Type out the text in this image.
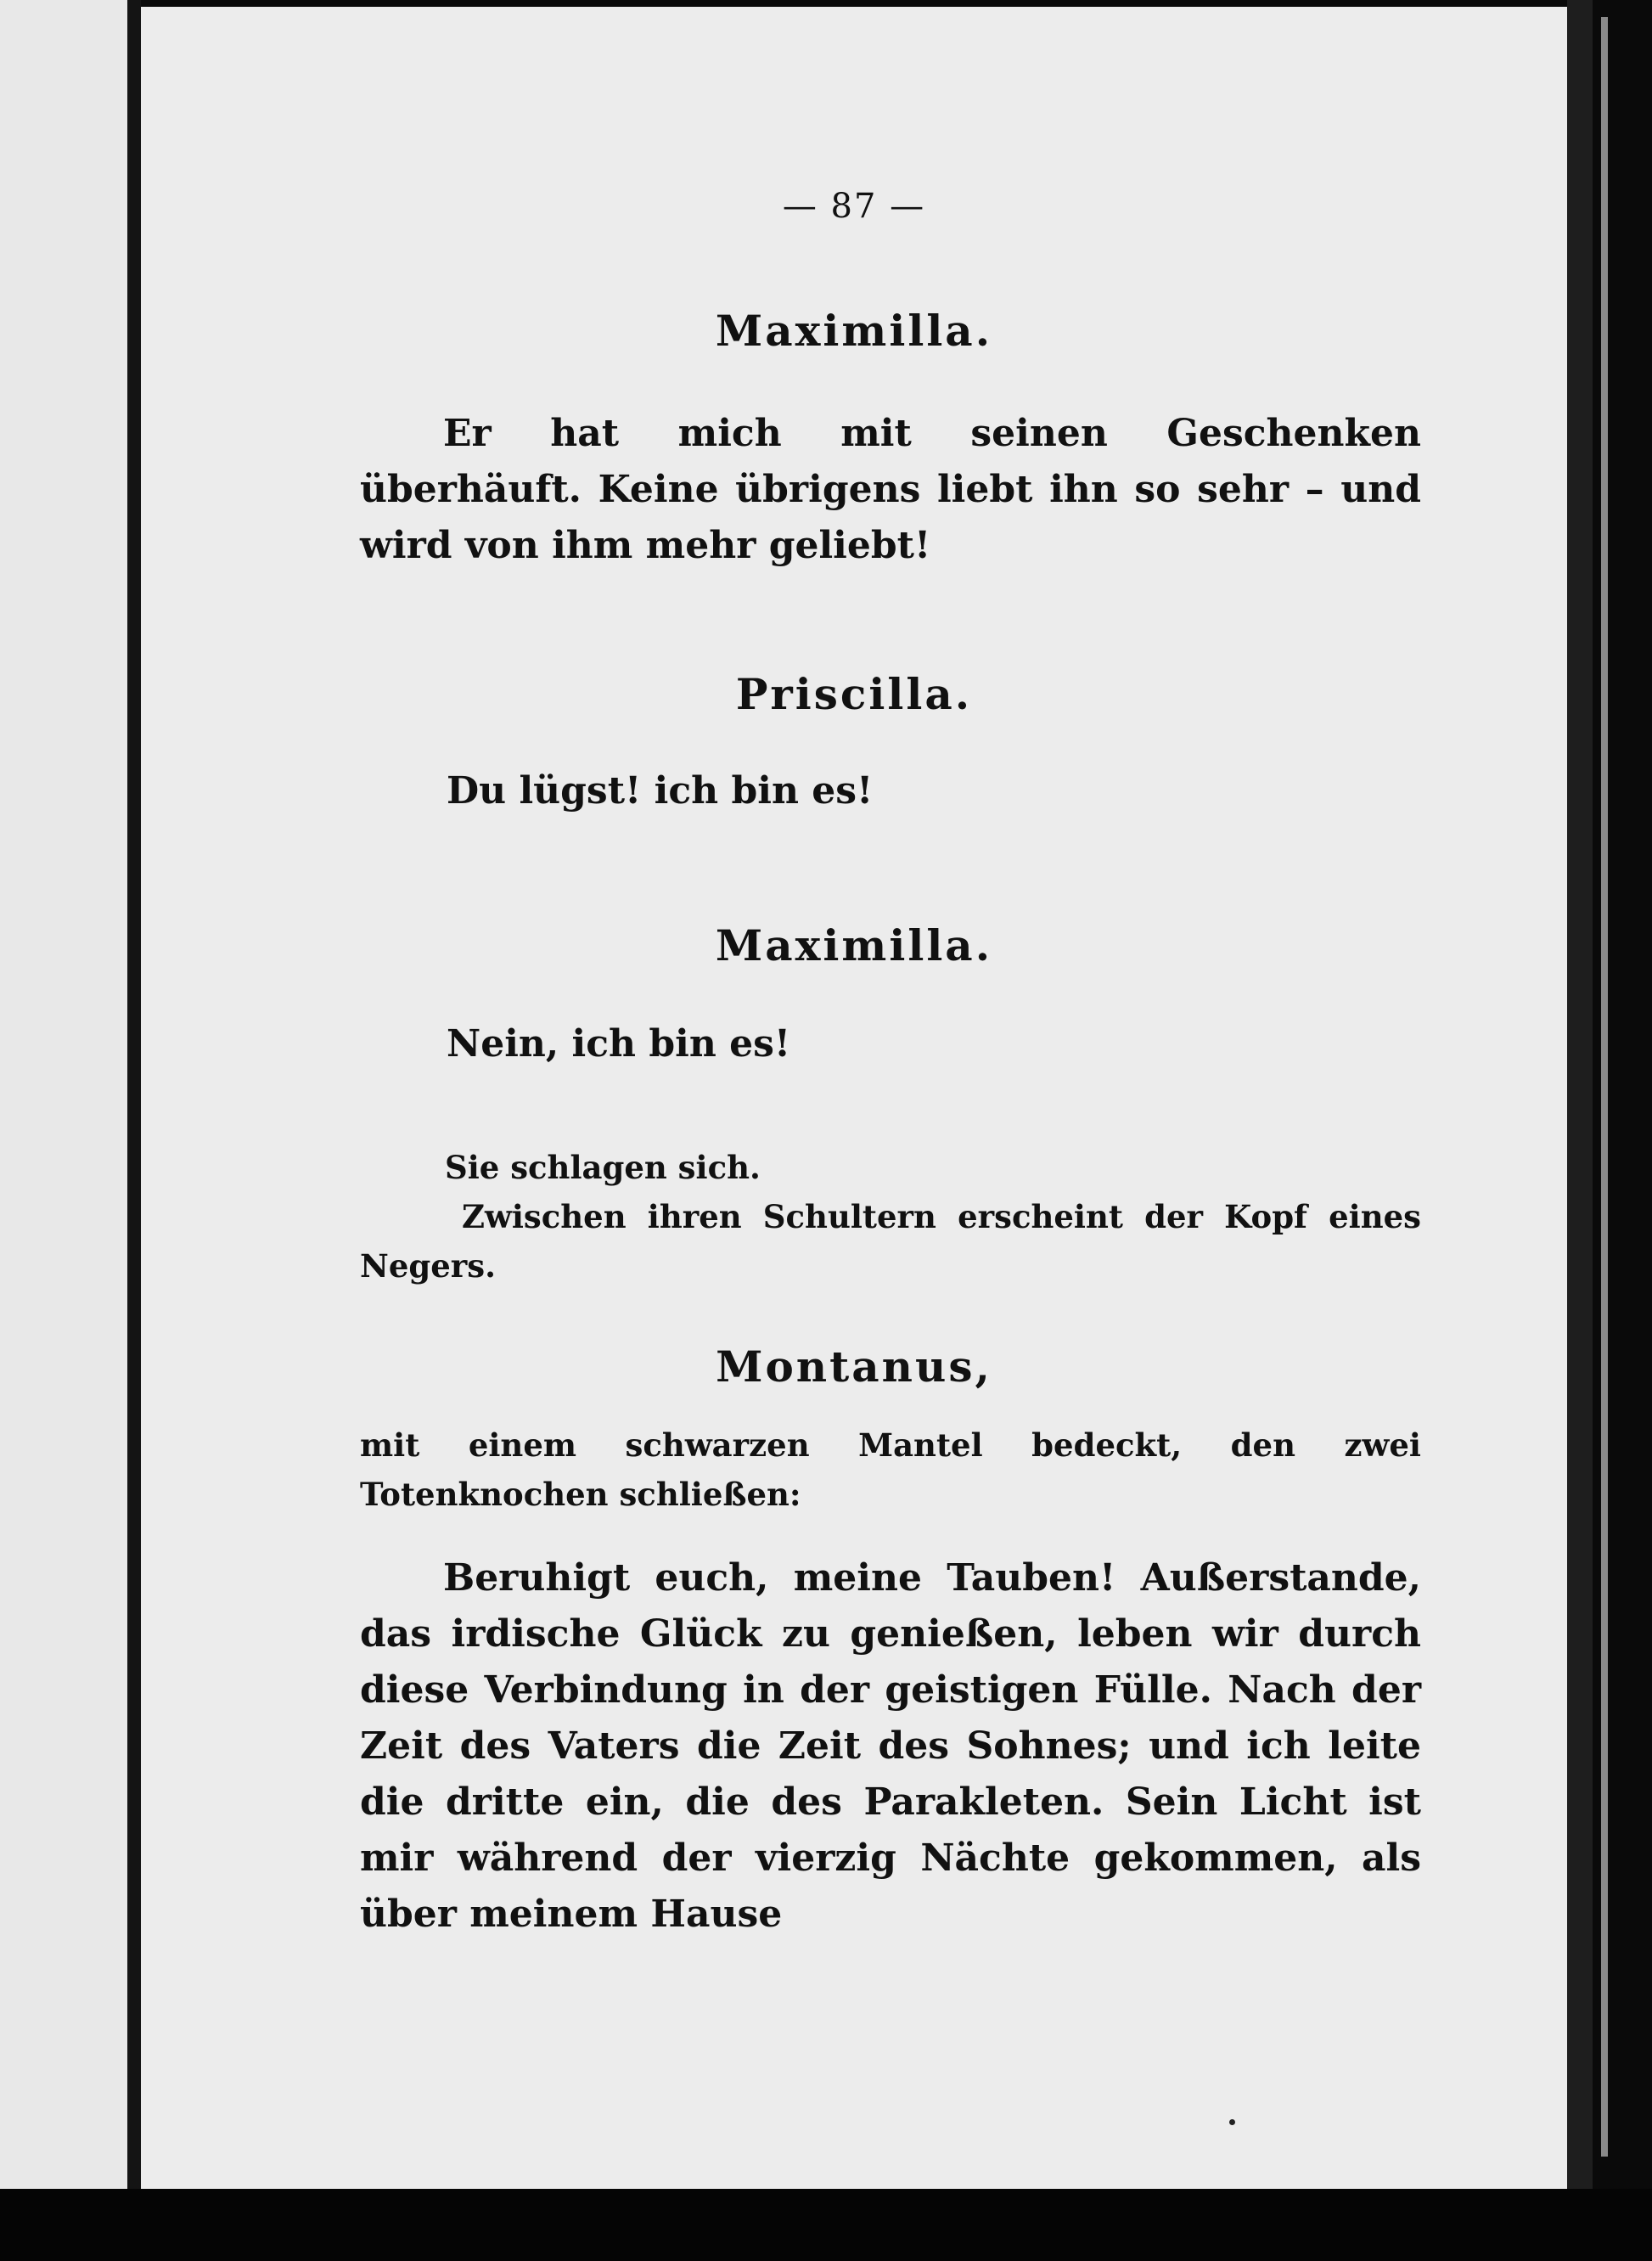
— 87 —
Maximilla.
Er hat mich mit seinen Geschenken überhäuft. Keine übrigens liebt ihn so sehr – und wird von ihm mehr geliebt!
Priscilla.
Du lügst! ich bin es!
Maximilla.
Nein, ich bin es!
Sie schlagen sich.
Zwischen ihren Schultern erscheint der Kopf eines Negers.
Montanus,
mit einem schwarzen Mantel bedeckt, den zwei Totenknochen schließen:
Beruhigt euch, meine Tauben! Außerstande, das irdische Glück zu genießen, leben wir durch diese Verbindung in der geistigen Fülle. Nach der Zeit des Vaters die Zeit des Sohnes; und ich leite die dritte ein, die des Parakleten. Sein Licht ist mir während der vierzig Nächte gekommen, als über meinem Hause
